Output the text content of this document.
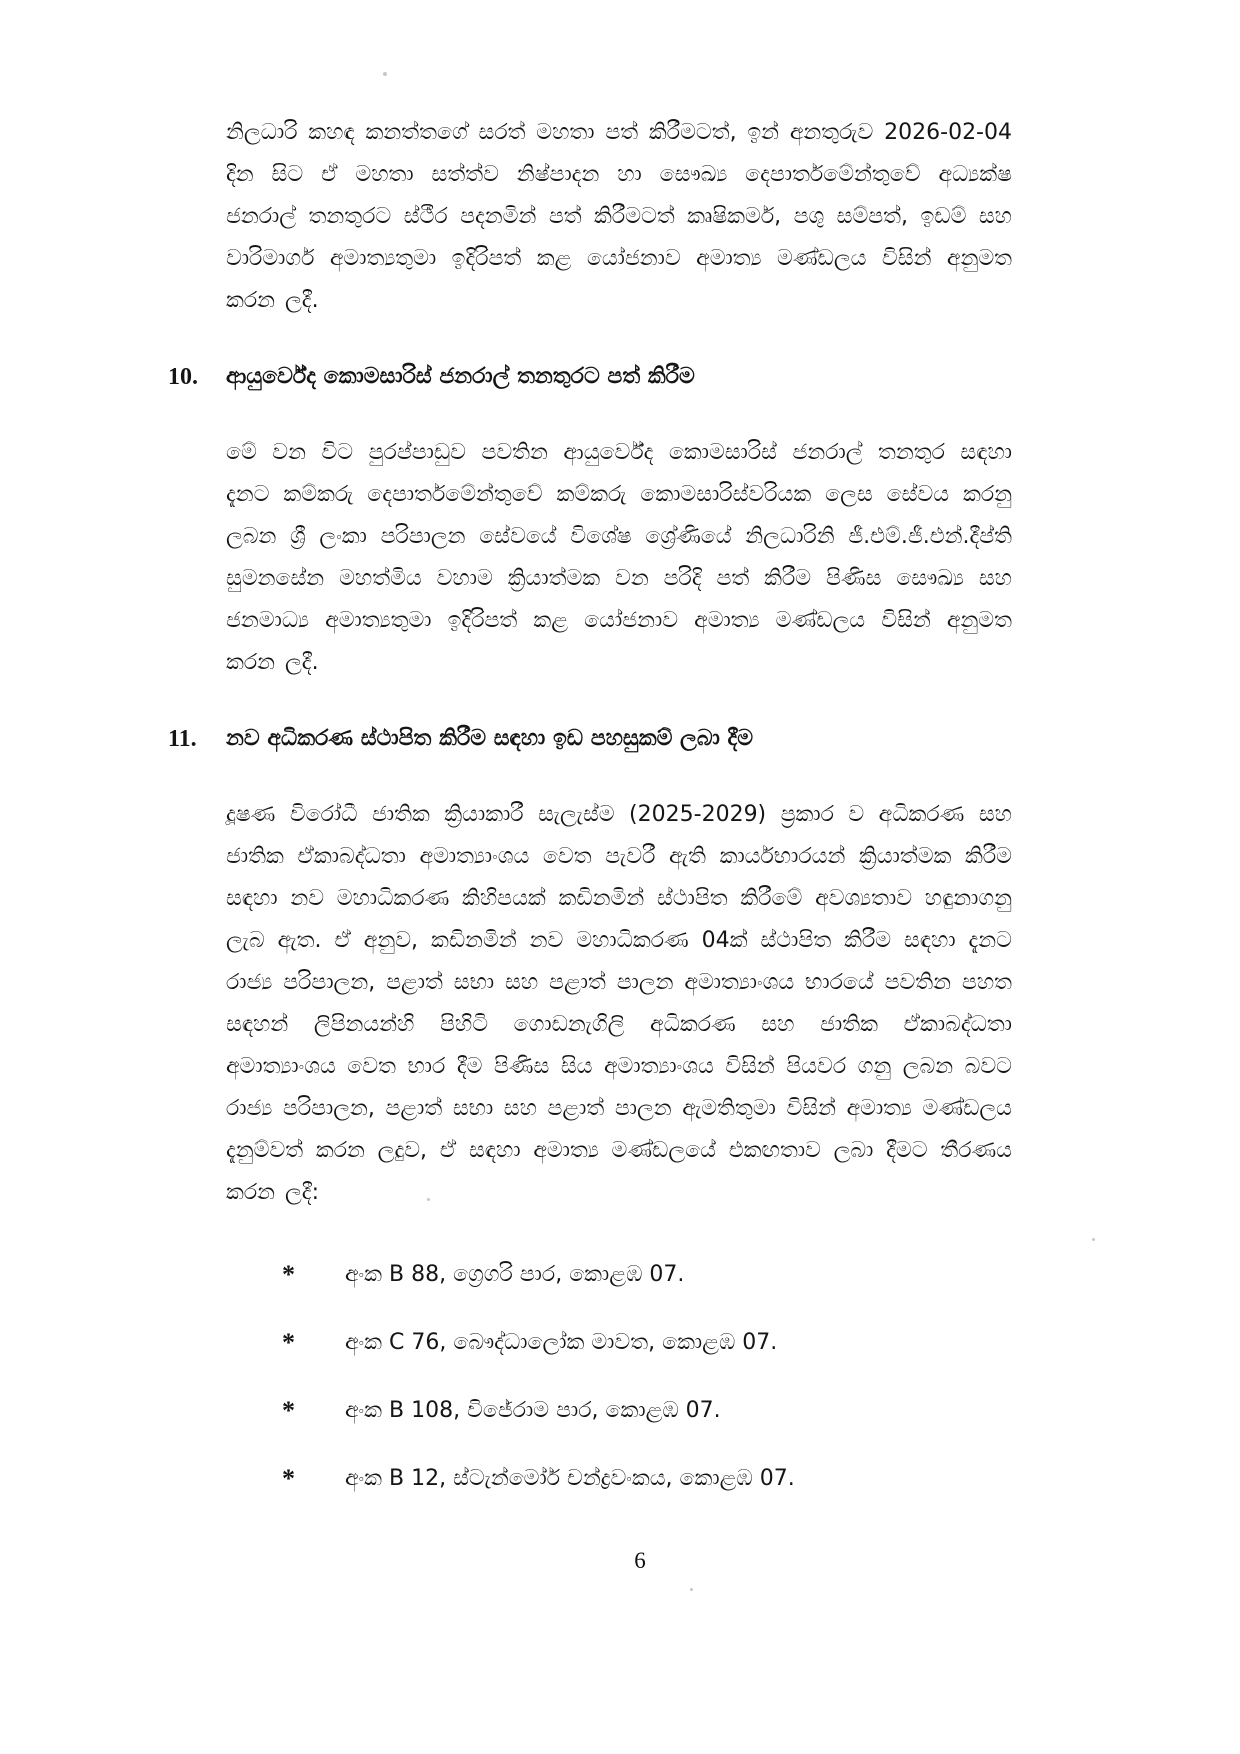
නිලධාරි කහඳ කනත්තගේ සරත් මහතා පත් කිරීමටත්, ඉන් අනතුරුව 2026-02-04 දින සිට ඒ මහතා සත්ත්ව නිෂ්පාදන හා සෞඛ්‍ය දෙපාර්තමේන්තුවේ අධ්‍යක්ෂ ජනරාල් තනතුරට ස්ථීර පදනමින් පත් කිරීමටත් කෘෂිකර්ම, පශු සම්පත්, ඉඩම් සහ වාරිමාර්ග අමාත්‍යතුමා ඉදිරිපත් කළ යෝජනාව අමාත්‍ය මණ්ඩලය විසින් අනුමත කරන ලදී.

10. ආයුර්වේද කොමසාරිස් ජනරාල් තනතුරට පත් කිරීම

මේ වන විට පුරප්පාඩුව පවතින ආයුර්වේද කොමසාරිස් ජනරාල් තනතුර සඳහා දැනට කම්කරු දෙපාර්තමේන්තුවේ කම්කරු කොමසාරිස්වරියක ලෙස සේවය කරනු ලබන ශ්‍රී ලංකා පරිපාලන සේවයේ විශේෂ ශ්‍රේණියේ නිලධාරිනි ජී.එම්.ජී.එන්.දීප්ති සුමනසේන මහත්මිය වහාම ක්‍රියාත්මක වන පරිදි පත් කිරීම පිණිස සෞඛ්‍ය සහ ජනමාධ්‍ය අමාත්‍යතුමා ඉදිරිපත් කළ යෝජනාව අමාත්‍ය මණ්ඩලය විසින් අනුමත කරන ලදී.

11. නව අධිකරණ ස්ථාපිත කිරීම සඳහා ඉඩ පහසුකම් ලබා දීම

දූෂණ විරෝධී ජාතික ක්‍රියාකාරී සැලැස්ම (2025-2029) ප්‍රකාර ව අධිකරණ සහ ජාතික ඒකාබද්ධතා අමාත්‍යාංශය වෙත පැවරී ඇති කාර්යභාරයන් ක්‍රියාත්මක කිරීම සඳහා නව මහාධිකරණ කිහිපයක් කඩිනමින් ස්ථාපිත කිරීමේ අවශ්‍යතාව හඳුනාගනු ලැබ ඇත. ඒ අනුව, කඩිනමින් නව මහාධිකරණ 04ක් ස්ථාපිත කිරීම සඳහා දැනට රාජ්‍ය පරිපාලන, පළාත් සභා සහ පළාත් පාලන අමාත්‍යාංශය භාරයේ පවතින පහත සඳහන් ලිපිනයන්හි පිහිටි ගොඩනැගිලි අධිකරණ සහ ජාතික ඒකාබද්ධතා අමාත්‍යාංශය වෙත භාර දීම පිණිස සිය අමාත්‍යාංශය විසින් පියවර ගනු ලබන බවට රාජ්‍ය පරිපාලන, පළාත් සභා සහ පළාත් පාලන ඇමතිතුමා විසින් අමාත්‍ය මණ්ඩලය දැනුම්වත් කරන ලදුව, ඒ සඳහා අමාත්‍ය මණ්ඩලයේ එකඟතාව ලබා දීමට තීරණය කරන ලදී:

*	අංක B 88, ග්‍රෙගරි පාර, කොළඹ 07.
*	අංක C 76, බෞද්ධාලෝක මාවත, කොළඹ 07.
*	අංක B 108, විජේරාම පාර, කොළඹ 07.
*	අංක B 12, ස්ටැන්මෝර් චන්ද්‍රවංකය, කොළඹ 07.
6
